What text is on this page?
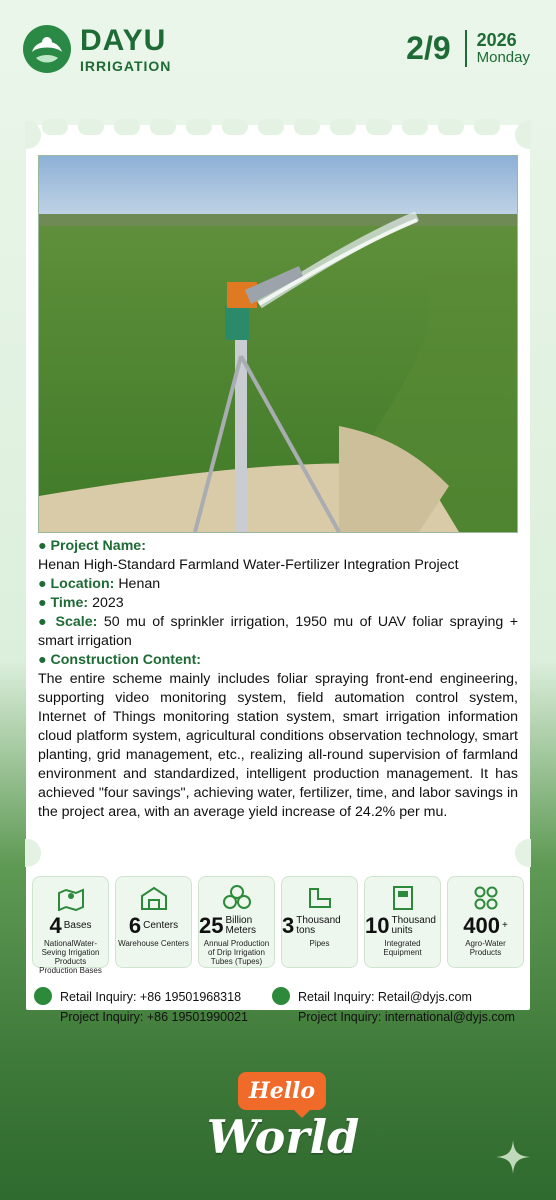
DAYU
IRRIGATION	2/9	2026
Monday

● Project Name:

Henan High-Standard Farmland Water-Fertilizer Integration Project

● Location: Henan

● Time: 2023

● Scale: 50 mu of sprinkler irrigation, 1950 mu of UAV foliar spraying + smart irrigation

● Construction Content:

The entire scheme mainly includes foliar spraying front-end engineering, supporting video monitoring system, field automation control system, Internet of Things monitoring station system, smart irrigation information cloud platform system, agricultural conditions observation technology, smart planting, grid management, etc., realizing all-round supervision of farmland environment and standardized, intelligent production management. It has achieved "four savings", achieving water, fertilizer, time, and labor savings in the project area, with an average yield increase of 24.2% per mu.

4 Bases
NationalWater-Seving Irrigation Products Production Bases
6 Centers
Warehouse Centers
25 Billion Meters
Annual Production of Drip Irrigation Tubes (Tupes)
3 Thousand tons
Pipes
10 Thousand units
Integrated Equipment
400 +
Agro-Water Products
Retail Inquiry: +86 19501968318
Project Inquiry: +86 19501990021
Retail Inquiry: Retail@dyjs.com
Project Inquiry: international@dyjs.com
Hello
World
